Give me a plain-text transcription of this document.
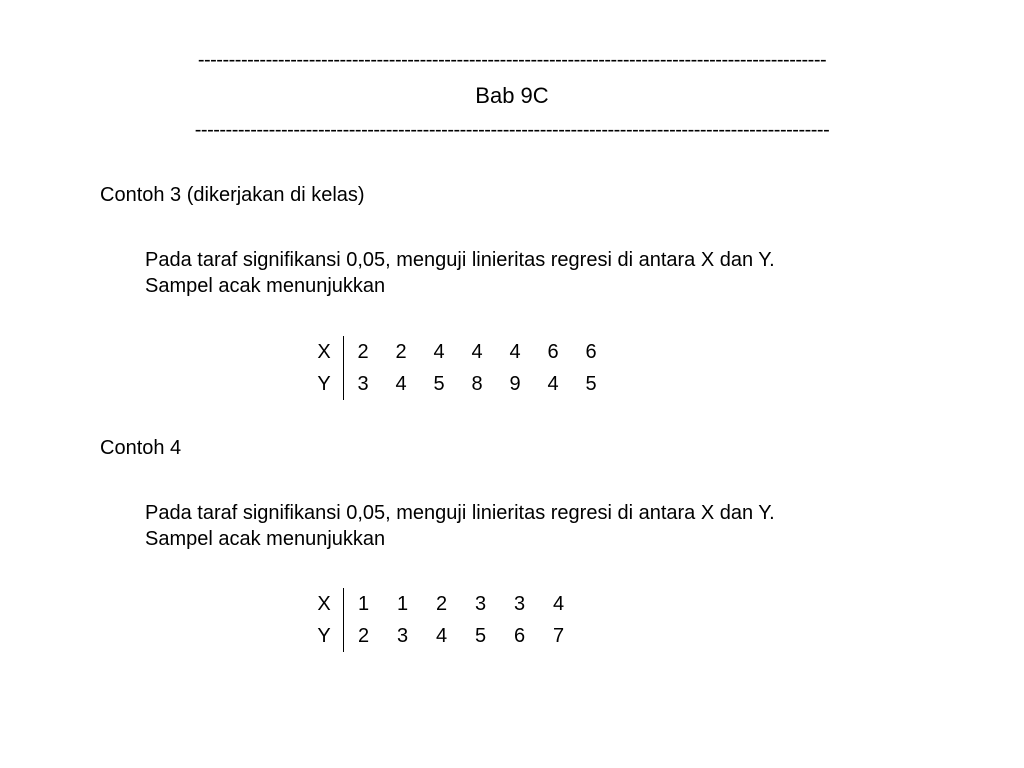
------------------------------------------------------------------------------------------------------
Bab 9C
-------------------------------------------------------------------------------------------------------
Contoh 3 (dikerjakan di kelas)
Pada taraf signifikansi 0,05, menguji linieritas regresi di antara X dan Y.
Sampel acak menunjukkan
X	2	2	4	4	4	6	6
Y	3	4	5	8	9	4	5
Contoh 4
Pada taraf signifikansi 0,05, menguji linieritas regresi di antara X dan Y.
Sampel acak menunjukkan
X	1	1	2	3	3	4
Y	2	3	4	5	6	7
